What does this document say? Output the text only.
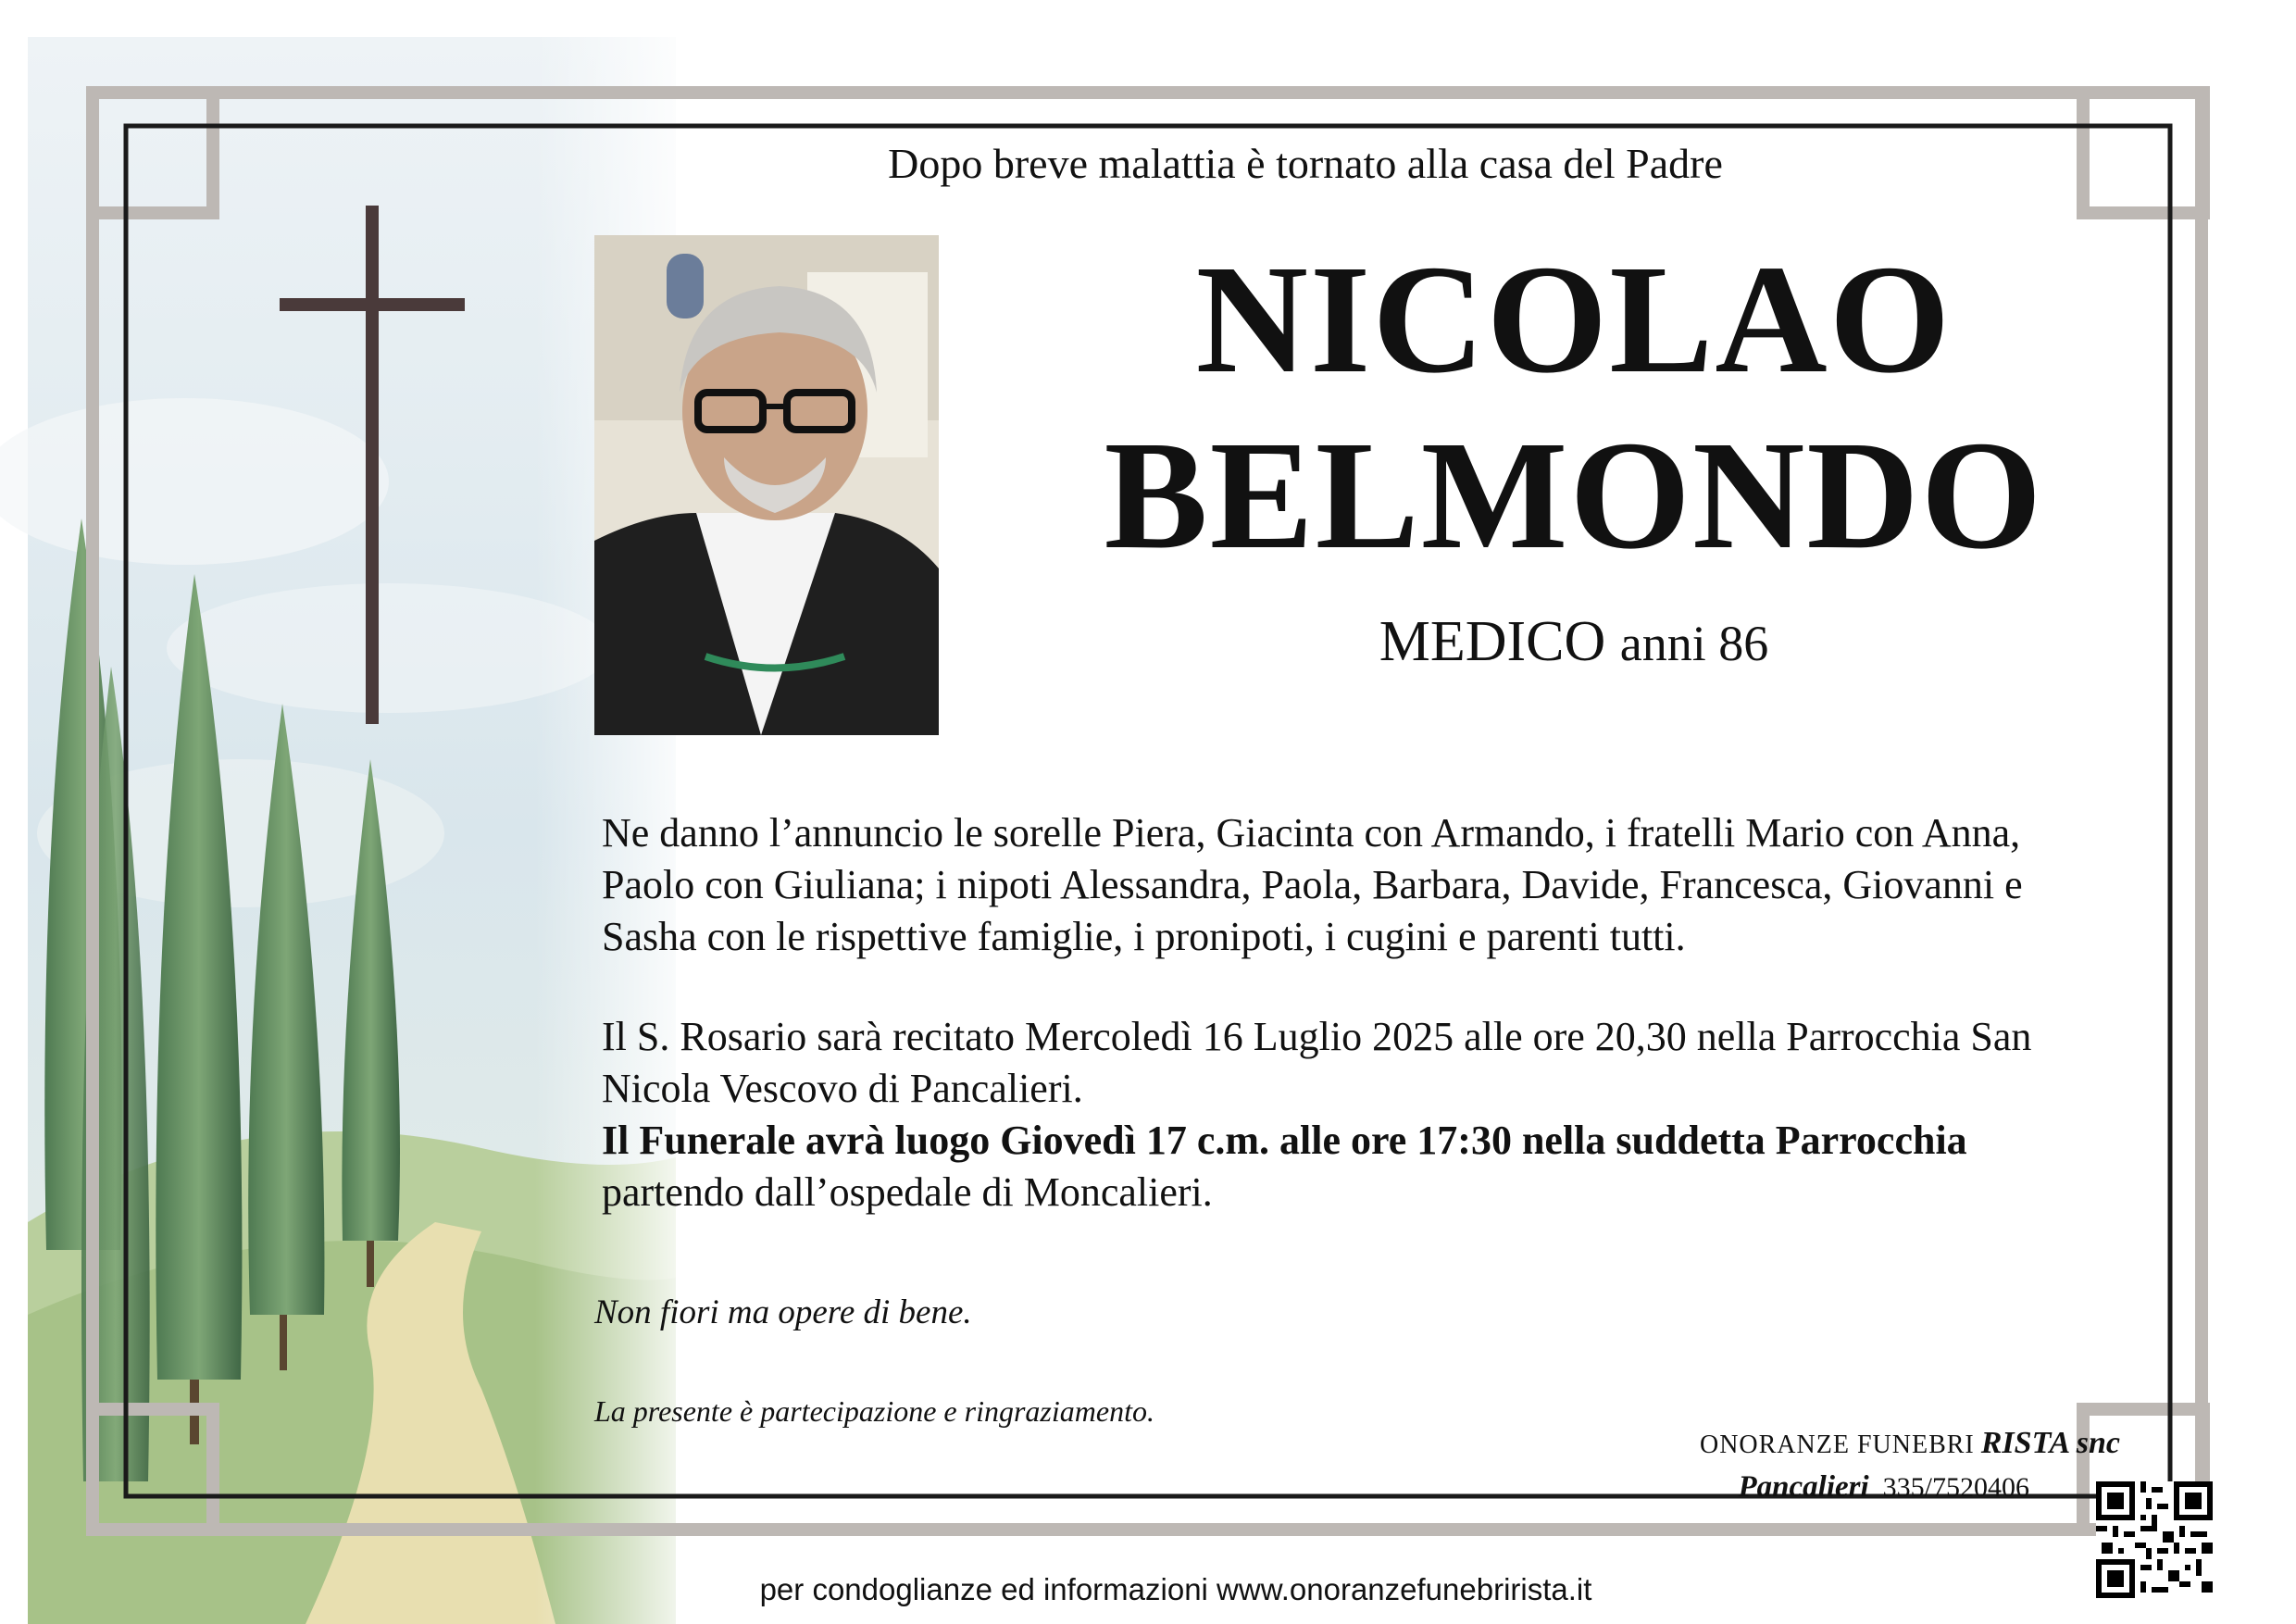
Dopo breve malattia è tornato alla casa del Padre
NICOLAO
BELMONDO
MEDICO anni 86
Ne danno l’annuncio le sorelle Piera, Giacinta con Armando, i fratelli Mario con Anna, Paolo con Giuliana; i nipoti Alessandra, Paola, Barbara, Davide, Francesca, Giovanni e Sasha con le rispettive famiglie, i pronipoti, i cugini e parenti tutti.
Il S. Rosario sarà recitato Mercoledì 16 Luglio 2025 alle ore 20,30 nella Parrocchia San Nicola Vescovo di Pancalieri.
Il Funerale avrà luogo Giovedì 17 c.m. alle ore 17:30 nella suddetta Parrocchia
partendo dall’ospedale di Moncalieri.
Non fiori ma opere di bene.
La presente è partecipazione e ringraziamento.
ONORANZE FUNEBRI RISTA snc
Pancalieri 335/7520406
per condoglianze ed informazioni www.onoranzefunebrirista.it
